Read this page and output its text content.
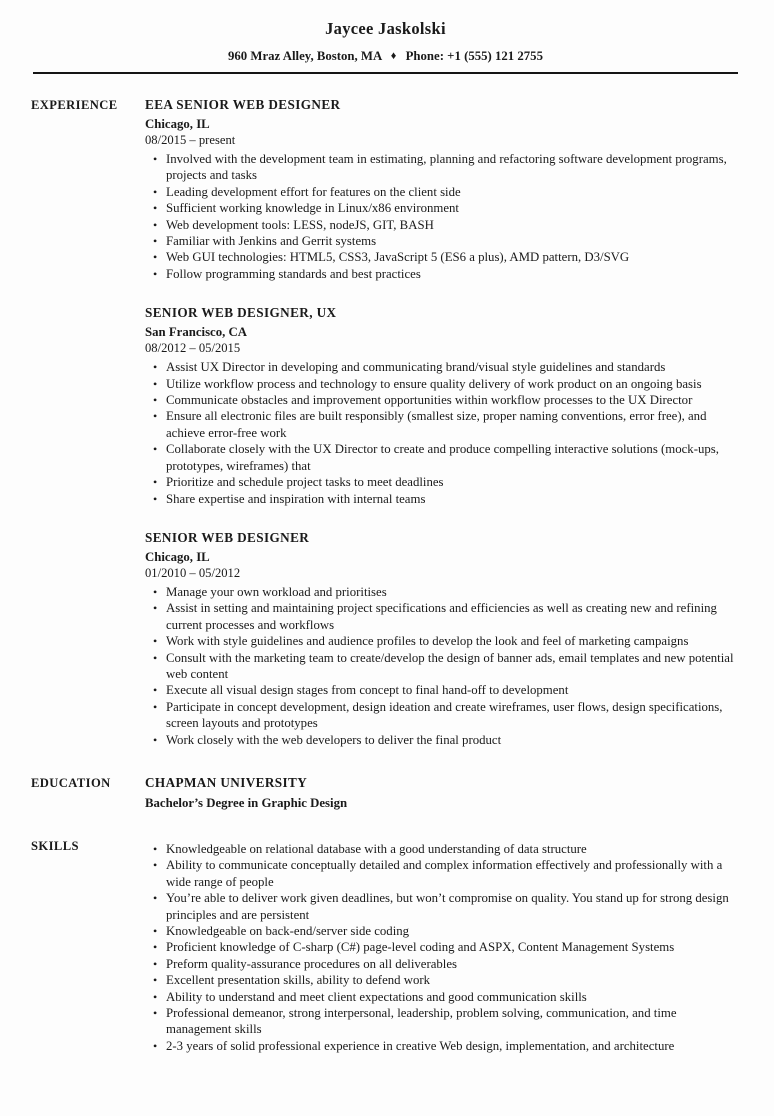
Jaycee Jaskolski

960 Mraz Alley, Boston, MA ♦ Phone: +1 (555) 121 2755

EXPERIENCE	EEA SENIOR WEB DESIGNER
Chicago, IL
08/2015 – present
• Involved with the development team in estimating, planning and refactoring software development programs, projects and tasks
• Leading development effort for features on the client side
• Sufficient working knowledge in Linux/x86 environment
• Web development tools: LESS, nodeJS, GIT, BASH
• Familiar with Jenkins and Gerrit systems
• Web GUI technologies: HTML5, CSS3, JavaScript 5 (ES6 a plus), AMD pattern, D3/SVG
• Follow programming standards and best practices
SENIOR WEB DESIGNER, UX
San Francisco, CA
08/2012 – 05/2015
• Assist UX Director in developing and communicating brand/visual style guidelines and standards
• Utilize workflow process and technology to ensure quality delivery of work product on an ongoing basis
• Communicate obstacles and improvement opportunities within workflow processes to the UX Director
• Ensure all electronic files are built responsibly (smallest size, proper naming conventions, error free), and achieve error-free work
• Collaborate closely with the UX Director to create and produce compelling interactive solutions (mock-ups, prototypes, wireframes) that
• Prioritize and schedule project tasks to meet deadlines
• Share expertise and inspiration with internal teams
SENIOR WEB DESIGNER
Chicago, IL
01/2010 – 05/2012
• Manage your own workload and prioritises
• Assist in setting and maintaining project specifications and efficiencies as well as creating new and refining current processes and workflows
• Work with style guidelines and audience profiles to develop the look and feel of marketing campaigns
• Consult with the marketing team to create/develop the design of banner ads, email templates and new potential web content
• Execute all visual design stages from concept to final hand-off to development
• Participate in concept development, design ideation and create wireframes, user flows, design specifications, screen layouts and prototypes
• Work closely with the web developers to deliver the final product
EDUCATION	CHAPMAN UNIVERSITY
Bachelor’s Degree in Graphic Design
SKILLS	• Knowledgeable on relational database with a good understanding of data structure
• Ability to communicate conceptually detailed and complex information effectively and professionally with a wide range of people
• You’re able to deliver work given deadlines, but won’t compromise on quality. You stand up for strong design principles and are persistent
• Knowledgeable on back-end/server side coding
• Proficient knowledge of C-sharp (C#) page-level coding and ASPX, Content Management Systems
• Preform quality-assurance procedures on all deliverables
• Excellent presentation skills, ability to defend work
• Ability to understand and meet client expectations and good communication skills
• Professional demeanor, strong interpersonal, leadership, problem solving, communication, and time management skills
• 2-3 years of solid professional experience in creative Web design, implementation, and architecture
